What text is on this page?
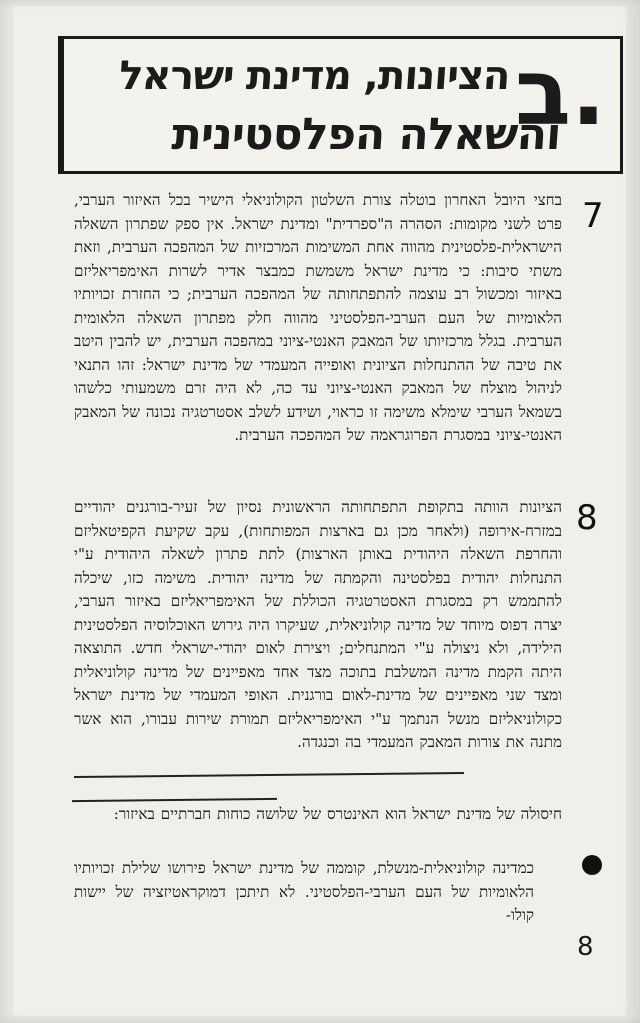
ב.
הציונות, מדינת ישראל
והשאלה הפלסטינית
7

בחצי היובל האחרון בוטלה צורת השלטון הקולוניאלי הישיר בכל האיזור הערבי, פרט לשני מקומות: הסהרה ה"ספרדית" ומדינת ישראל. אין ספק שפתרון השאלה הישראלית-פלסטינית מהווה אחת המשימות המרכזיות של המהפכה הערבית, וזאת משתי סיבות: כי מדינת ישראל משמשת כמבצר אדיר לשרות האימפריאליזם באיזור ומכשול רב עוצמה להתפתחותה של המהפכה הערבית; כי החזרת זכויותיו הלאומיות של העם הערבי-הפלסטיני מהווה חלק מפתרון השאלה הלאומית הערבית. בגלל מרכזיותו של המאבק האנטי-ציוני במהפכה הערבית, יש להבין היטב את טיבה של ההתנחלות הציונית ואופייה המעמדי של מדינת ישראל: זהו התנאי לניהול מוצלח של המאבק האנטי-ציוני עד כה, לא היה זרם משמעותי כלשהו בשמאל הערבי שימלא משימה זו כראוי, ושידע לשלב אסטרטגיה נכונה של המאבק האנטי-ציוני במסגרת הפרוגראמה של המהפכה הערבית.

8

הציונות הוותה בתקופת התפתחותה הראשונית נסיון של זעיר-בורגנים יהודיים במזרח-אירופה (ולאחר מכן גם בארצות המפותחות), עקב שקיעת הקפיטאליזם והחרפת השאלה היהודית באותן הארצות) לתת פתרון לשאלה היהודית ע"י התנחלות יהודית בפלסטינה והקמתה של מדינה יהודית. משימה כזו, שיכלה להתממש רק במסגרת האסטרטגיה הכוללת של האימפריאליזם באיזור הערבי, יצרה דפוס מיוחד של מדינה קולוניאלית, שעיקרו היה גירוש האוכלוסיה הפלסטינית הילידה, ולא ניצולה ע"י המתנחלים; ויצירת לאום יהודי-ישראלי חדש. התוצאה היתה הקמת מדינה המשלבת בתוכה מצד אחד מאפיינים של מדינה קולוניאלית ומצד שני מאפיינים של מדינת-לאום בורגנית. האופי המעמדי של מדינת ישראל כקולוניאליזם מנשל הנתמך ע"י האימפריאליזם תמורת שירות עבורו, הוא אשר מתנה את צורות המאבק המעמדי בה וכנגדה.

חיסולה של מדינת ישראל הוא האינטרס של שלושה כוחות חברתיים באיזור:

כמדינה קולוניאלית-מנשלת, קוממה של מדינת ישראל פירושו שלילת זכויותיו הלאומיות של העם הערבי-הפלסטיני. לא תיתכן דמוקראטיזציה של יישות קולו-

8
